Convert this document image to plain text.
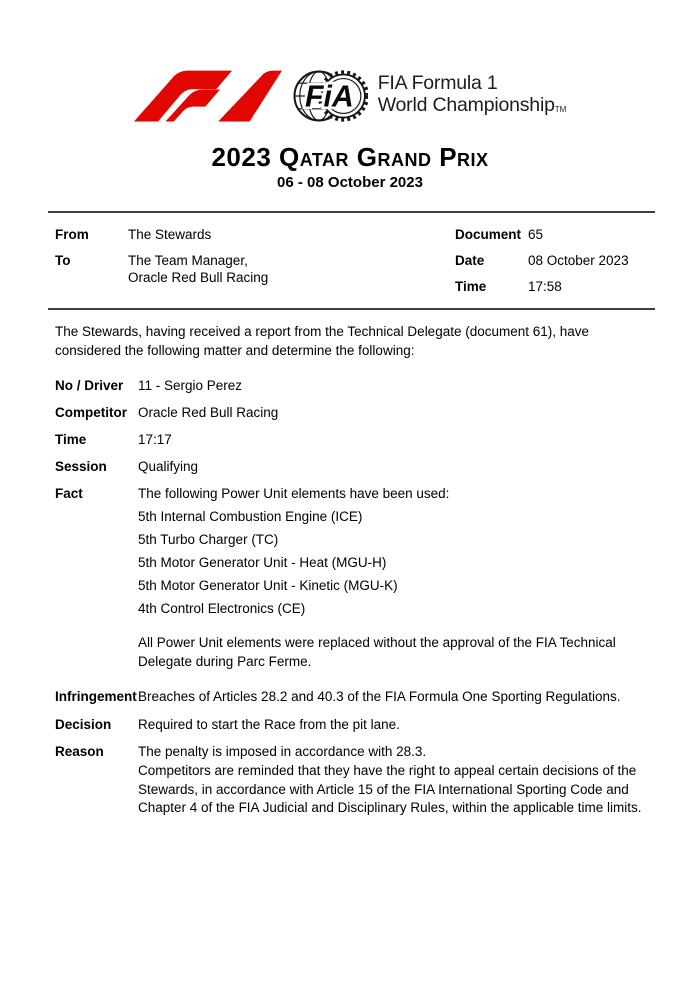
FiA FIA Formula 1
World ChampionshipTM
2023 Qatar Grand Prix
06 - 08 October 2023
From	The Stewards
To	The Team Manager,
Oracle Red Bull Racing
Document 65
Date	08 October 2023
Time	17:58

The Stewards, having received a report from the Technical Delegate (document 61), have considered the following matter and determine the following:

No / Driver	11 - Sergio Perez
Competitor Oracle Red Bull Racing
Time	17:17
Session	Qualifying
Fact	The following Power Unit elements have been used:
5th Internal Combustion Engine (ICE)
5th Turbo Charger (TC)
5th Motor Generator Unit - Heat (MGU-H)
5th Motor Generator Unit - Kinetic (MGU-K)
4th Control Electronics (CE)
All Power Unit elements were replaced without the approval of the FIA Technical Delegate during Parc Ferme.
Infringement Breaches of Articles 28.2 and 40.3 of the FIA Formula One Sporting Regulations.
Decision	Required to start the Race from the pit lane.
Reason	The penalty is imposed in accordance with 28.3.
Competitors are reminded that they have the right to appeal certain decisions of the Stewards, in accordance with Article 15 of the FIA International Sporting Code and Chapter 4 of the FIA Judicial and Disciplinary Rules, within the applicable time limits.
